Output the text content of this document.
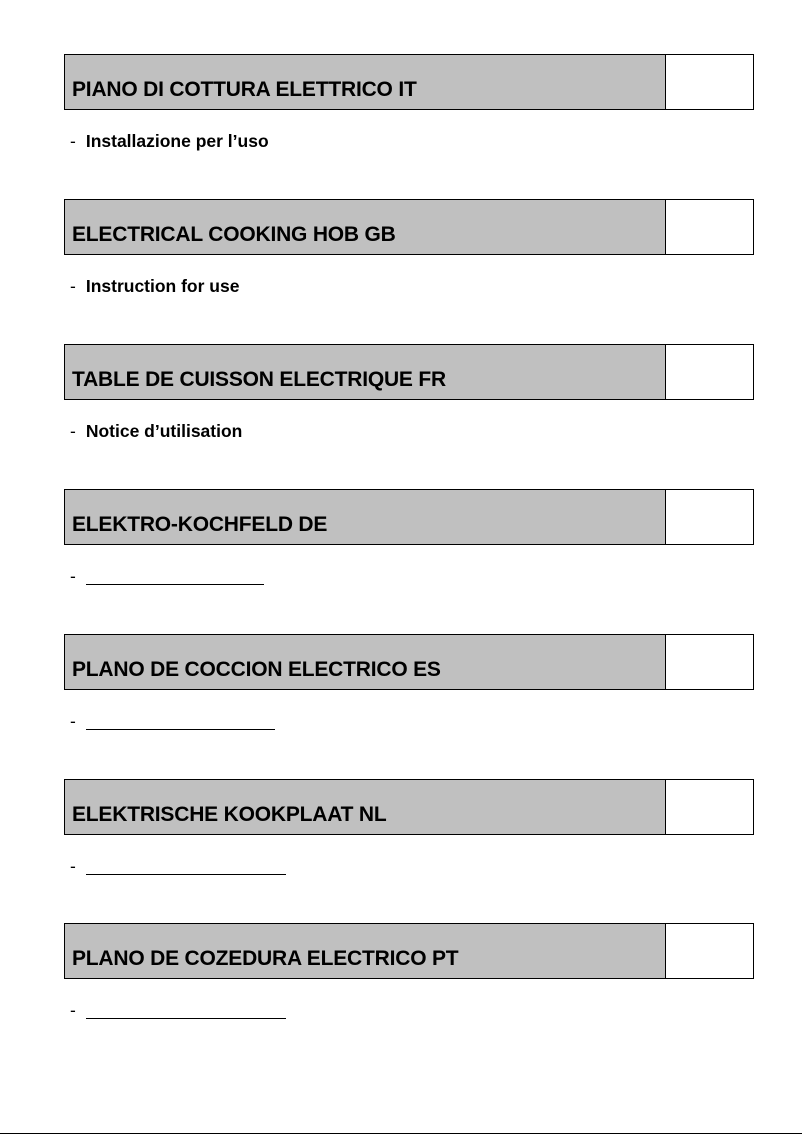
PIANO DI COTTURA ELETTRICO IT
- Installazione per l’uso
ELECTRICAL COOKING HOB GB
- Instruction for use
TABLE DE CUISSON ELECTRIQUE FR
- Notice d’utilisation
ELEKTRO-KOCHFELD DE
-
PLANO DE COCCION ELECTRICO ES
-
ELEKTRISCHE KOOKPLAAT NL
-
PLANO DE COZEDURA ELECTRICO PT
-
